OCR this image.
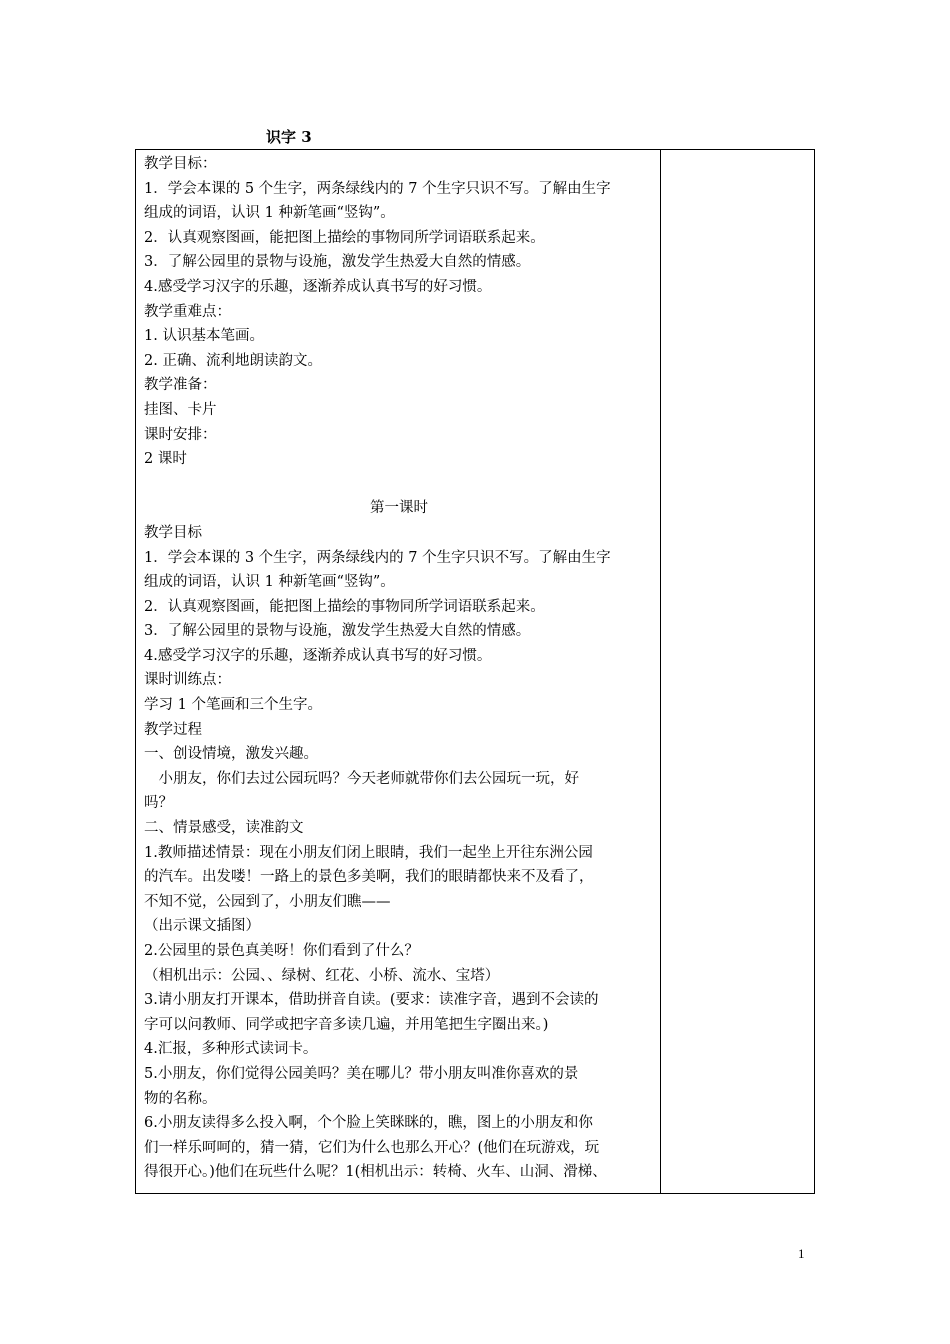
识字 3

教学目标：

1．学会本课的 5 个生字，两条绿线内的 7 个生字只识不写。了解由生字

组成的词语，认识 1 种新笔画“竖钩”。

2．认真观察图画，能把图上描绘的事物同所学词语联系起来。

3．了解公园里的景物与设施，激发学生热爱大自然的情感。

4.感受学习汉字的乐趣，逐渐养成认真书写的好习惯。

教学重难点：

1. 认识基本笔画。

2. 正确、流利地朗读韵文。

教学准备：

挂图、卡片

课时安排：

2 课时

第一课时

教学目标

1．学会本课的 3 个生字，两条绿线内的 7 个生字只识不写。了解由生字

组成的词语，认识 1 种新笔画“竖钩”。

2．认真观察图画，能把图上描绘的事物同所学词语联系起来。

3．了解公园里的景物与设施，激发学生热爱大自然的情感。

4.感受学习汉字的乐趣，逐渐养成认真书写的好习惯。

课时训练点：

学习 1 个笔画和三个生字。

教学过程

一、创设情境，激发兴趣。

　小朋友，你们去过公园玩吗？今天老师就带你们去公园玩一玩，好

吗？

二、情景感受，读准韵文

1.教师描述情景：现在小朋友们闭上眼睛，我们一起坐上开往东洲公园

的汽车。出发喽！一路上的景色多美啊，我们的眼睛都快来不及看了，

不知不觉，公园到了，小朋友们瞧——

（出示课文插图）

2.公园里的景色真美呀！你们看到了什么？

（相机出示：公园、、绿树、红花、小桥、流水、宝塔）

3.请小朋友打开课本，借助拼音自读。(要求：读准字音，遇到不会读的

字可以问教师、同学或把字音多读几遍，并用笔把生字圈出来。)

4.汇报，多种形式读词卡。

5.小朋友，你们觉得公园美吗？美在哪儿？带小朋友叫准你喜欢的景

物的名称。

6.小朋友读得多么投入啊，个个脸上笑眯眯的，瞧，图上的小朋友和你

们一样乐呵呵的，猜一猜，它们为什么也那么开心？(他们在玩游戏，玩

得很开心。)他们在玩些什么呢？1(相机出示：转椅、火车、山洞、滑梯、

1
